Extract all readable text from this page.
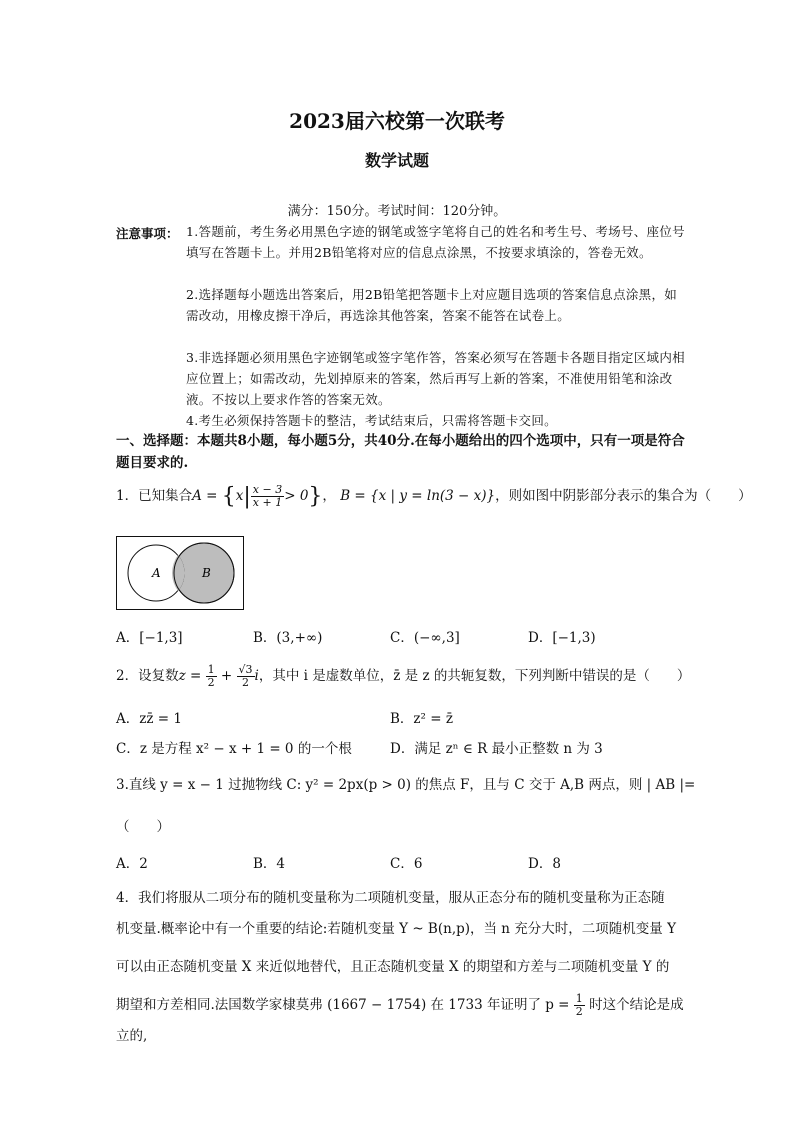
2023届六校第一次联考
数学试题
满分：150分。考试时间：120分钟。
注意事项： 1.答题前，考生务必用黑色字迹的钢笔或签字笔将自己的姓名和考生号、考场号、座位号填写在答题卡上。并用2B铅笔将对应的信息点涂黑，不按要求填涂的，答卷无效。
2.选择题每小题选出答案后，用2B铅笔把答题卡上对应题目选项的答案信息点涂黑，如需改动，用橡皮擦干净后，再选涂其他答案，答案不能答在试卷上。
3.非选择题必须用黑色字迹钢笔或签字笔作答，答案必须写在答题卡各题目指定区域内相应位置上；如需改动，先划掉原来的答案，然后再写上新的答案，不准使用铅笔和涂改液。不按以上要求作答的答案无效。
4.考生必须保持答题卡的整洁，考试结束后，只需将答题卡交回。
一、选择题：本题共8小题，每小题5分，共40分.在每小题给出的四个选项中，只有一项是符合题目要求的.
1．已知集合$A = \{x| \frac{x - 3}{x + 1} > 0\}$， B = {x | y = ln(3 − x)}，则如图中阴影部分表示的集合为（　　）
A	B
A．[−1,3]	B．(3,+∞)	C．(−∞,3]	D．[−1,3)
2．设复数$z = \frac{1}{2} + \frac{√3}{2}$ i，其中 i 是虚数单位，z̄ 是 z 的共轭复数，下列判断中错误的是（　　）
A．zz̄ = 1	B．z² = z̄
C．z 是方程 x² − x + 1 = 0 的一个根	D．满足 zⁿ ∈ R 最小正整数 n 为 3
3.直线 y = x − 1 过抛物线 C: y² = 2px(p > 0) 的焦点 F，且与 C 交于 A,B 两点，则 | AB |=
（　　）
A．2	B．4	C．6	D．8
4．我们将服从二项分布的随机变量称为二项随机变量，服从正态分布的随机变量称为正态随
机变量.概率论中有一个重要的结论:若随机变量 Y ~ B(n,p)，当 n 充分大时，二项随机变量 Y
可以由正态随机变量 X 来近似地替代，且正态随机变量 X 的期望和方差与二项随机变量 Y 的
期望和方差相同.法国数学家棣莫弗 (1667 − 1754) 在 1733 年证明了 $p = \frac{1}{2}$ 时这个结论是成立的,
